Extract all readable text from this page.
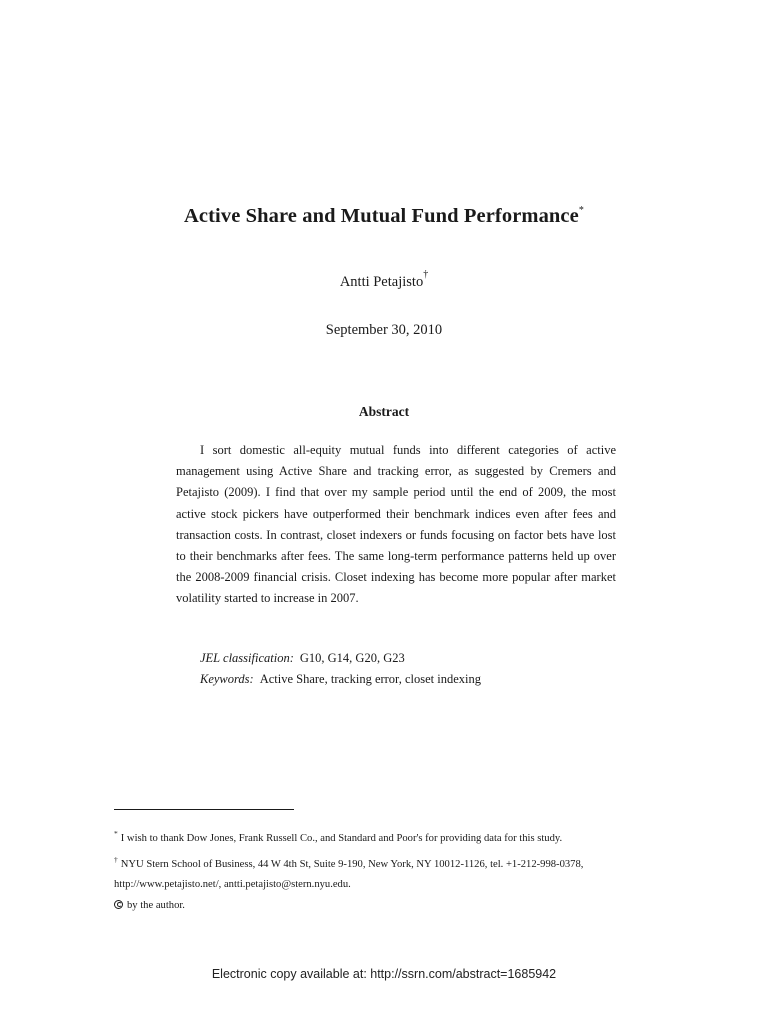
Active Share and Mutual Fund Performance*
Antti Petajisto†
September 30, 2010
Abstract
I sort domestic all-equity mutual funds into different categories of active management using Active Share and tracking error, as suggested by Cremers and Petajisto (2009). I find that over my sample period until the end of 2009, the most active stock pickers have outperformed their benchmark indices even after fees and transaction costs. In contrast, closet indexers or funds focusing on factor bets have lost to their benchmarks after fees. The same long-term performance patterns held up over the 2008-2009 financial crisis. Closet indexing has become more popular after market volatility started to increase in 2007.
JEL classification: G10, G14, G20, G23
Keywords: Active Share, tracking error, closet indexing
* I wish to thank Dow Jones, Frank Russell Co., and Standard and Poor's for providing data for this study.
† NYU Stern School of Business, 44 W 4th St, Suite 9-190, New York, NY 10012-1126, tel. +1-212-998-0378,
http://www.petajisto.net/, antti.petajisto@stern.nyu.edu.
by the author.
Electronic copy available at: http://ssrn.com/abstract=1685942
